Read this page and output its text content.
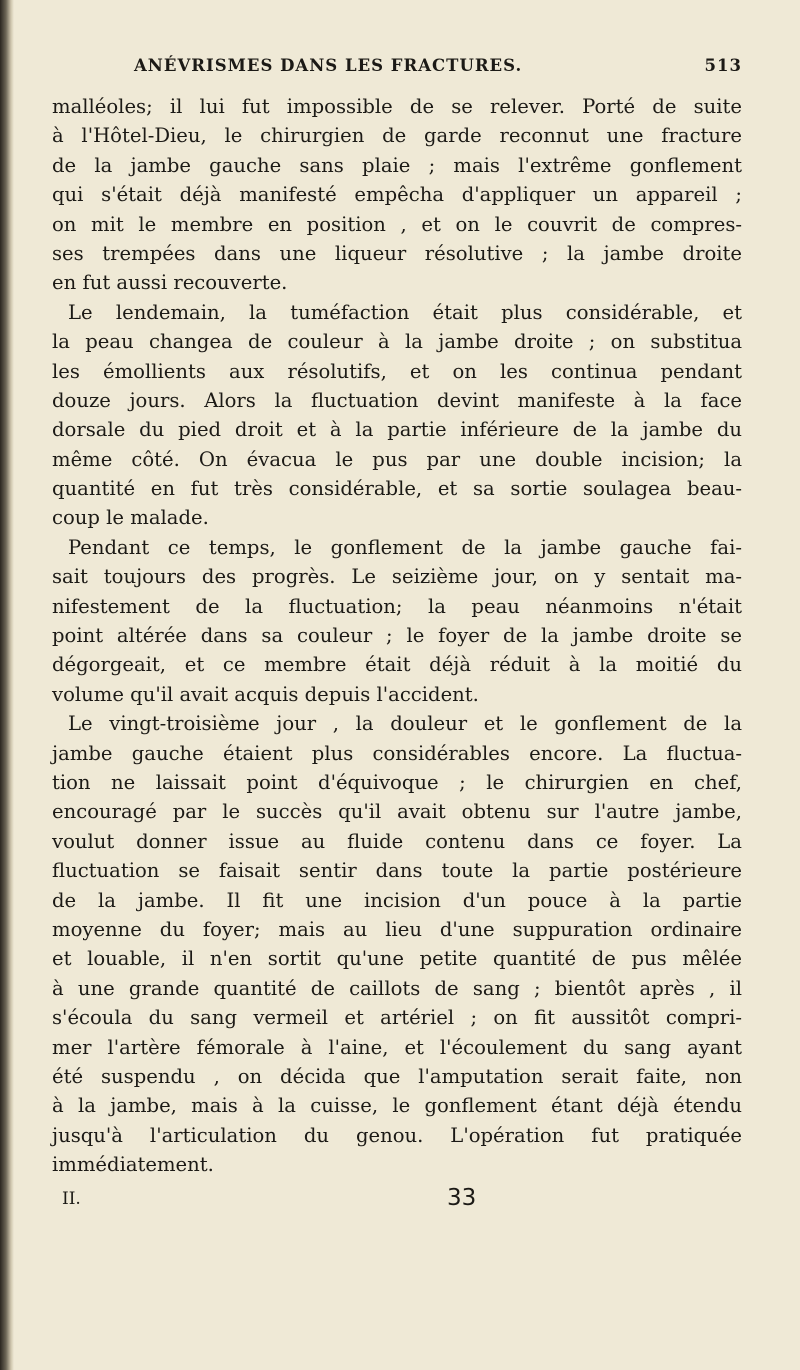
ANÉVRISMES DANS LES FRACTURES.	513
malléoles; il lui fut impossible de se relever. Porté de suite
à l'Hôtel-Dieu, le chirurgien de garde reconnut une fracture
de la jambe gauche sans plaie ; mais l'extrême gonflement
qui s'était déjà manifesté empêcha d'appliquer un appareil ;
on mit le membre en position , et on le couvrit de compres-
ses trempées dans une liqueur résolutive ; la jambe droite
en fut aussi recouverte.
Le lendemain, la tuméfaction était plus considérable, et
la peau changea de couleur à la jambe droite ; on substitua
les émollients aux résolutifs, et on les continua pendant
douze jours. Alors la fluctuation devint manifeste à la face
dorsale du pied droit et à la partie inférieure de la jambe du
même côté. On évacua le pus par une double incision; la
quantité en fut très considérable, et sa sortie soulagea beau-
coup le malade.
Pendant ce temps, le gonflement de la jambe gauche fai-
sait toujours des progrès. Le seizième jour, on y sentait ma-
nifestement de la fluctuation; la peau néanmoins n'était
point altérée dans sa couleur ; le foyer de la jambe droite se
dégorgeait, et ce membre était déjà réduit à la moitié du
volume qu'il avait acquis depuis l'accident.
Le vingt-troisième jour , la douleur et le gonflement de la
jambe gauche étaient plus considérables encore. La fluctua-
tion ne laissait point d'équivoque ; le chirurgien en chef,
encouragé par le succès qu'il avait obtenu sur l'autre jambe,
voulut donner issue au fluide contenu dans ce foyer. La
fluctuation se faisait sentir dans toute la partie postérieure
de la jambe. Il fit une incision d'un pouce à la partie
moyenne du foyer; mais au lieu d'une suppuration ordinaire
et louable, il n'en sortit qu'une petite quantité de pus mêlée
à une grande quantité de caillots de sang ; bientôt après , il
s'écoula du sang vermeil et artériel ; on fit aussitôt compri-
mer l'artère fémorale à l'aine, et l'écoulement du sang ayant
été suspendu , on décida que l'amputation serait faite, non
à la jambe, mais à la cuisse, le gonflement étant déjà étendu
jusqu'à l'articulation du genou. L'opération fut pratiquée
immédiatement.
II.	33
